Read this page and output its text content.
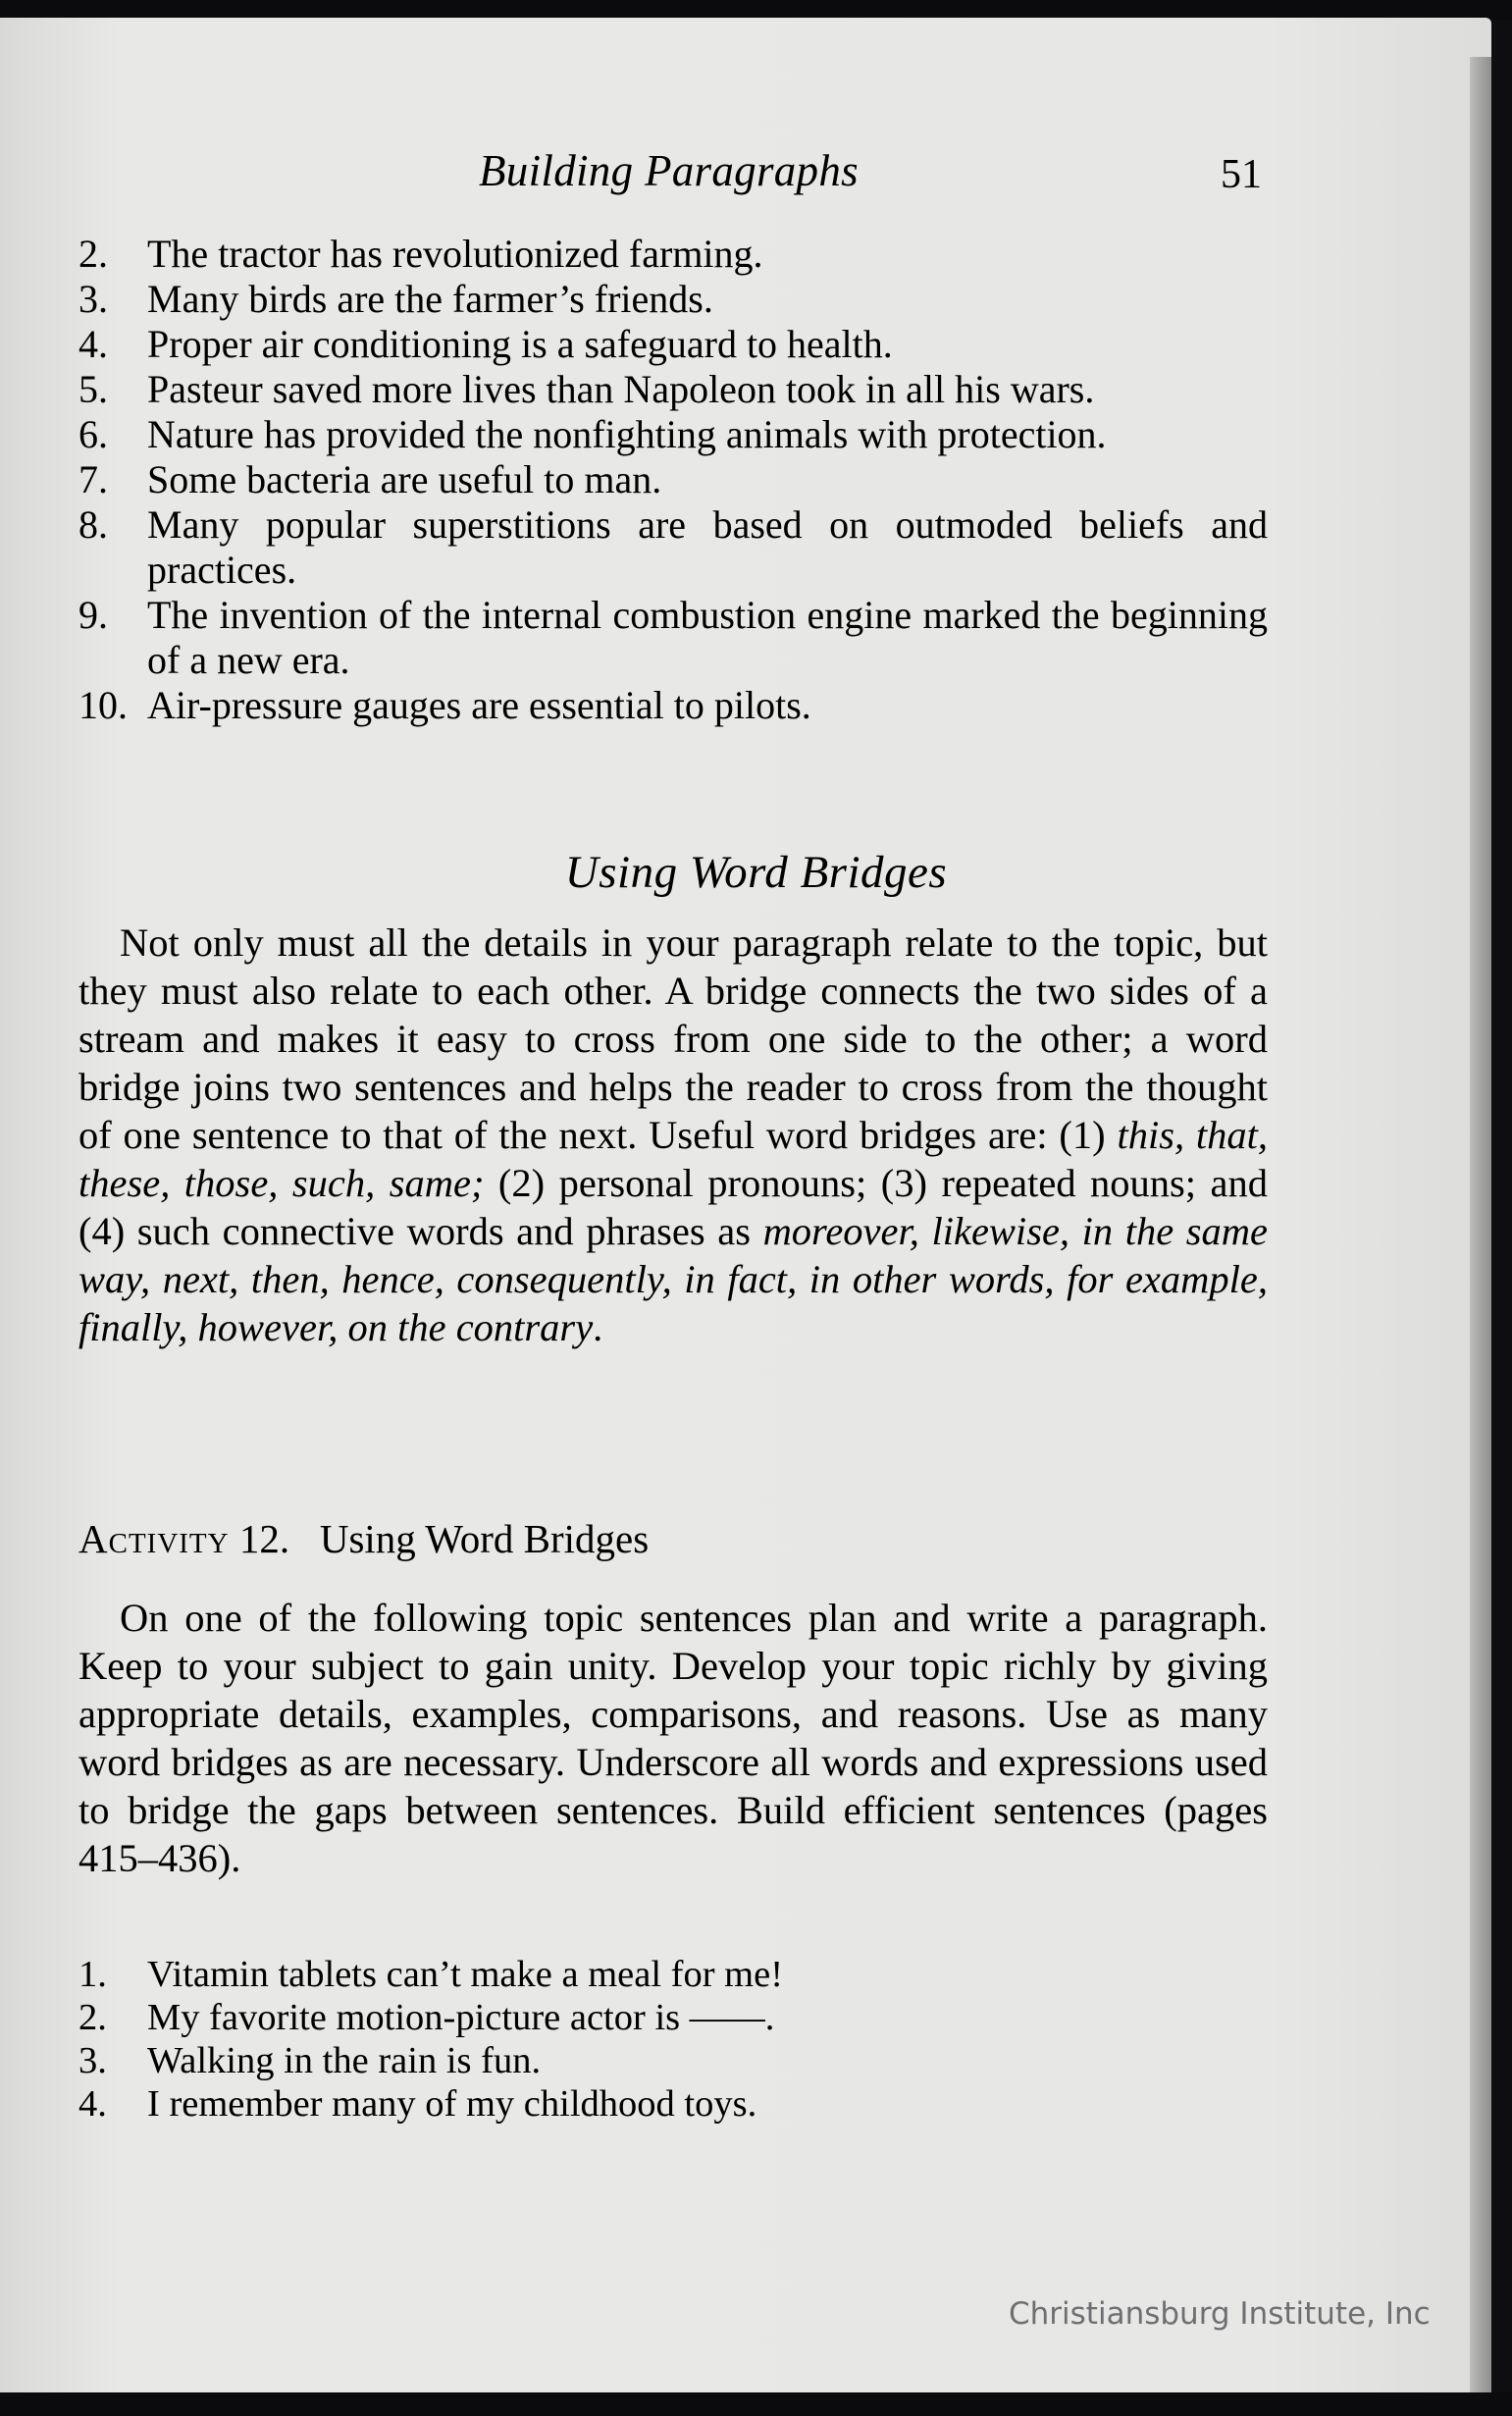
Building Paragraphs	51
2.	The tractor has revolutionized farming.
3.	Many birds are the farmer’s friends.
4.	Proper air conditioning is a safeguard to health.
5.	Pasteur saved more lives than Napoleon took in all his wars.
6.	Nature has provided the nonfighting animals with protection.
7.	Some bacteria are useful to man.
8.	Many popular superstitions are based on outmoded beliefs and practices.
9.	The invention of the internal combustion engine marked the beginning of a new era.
10. Air-pressure gauges are essential to pilots.
Using Word Bridges

Not only must all the details in your paragraph relate to the topic, but they must also relate to each other. A bridge connects the two sides of a stream and makes it easy to cross from one side to the other; a word bridge joins two sentences and helps the reader to cross from the thought of one sentence to that of the next. Useful word bridges are: (1) this, that, these, those, such, same; (2) personal pronouns; (3) repeated nouns; and (4) such connective words and phrases as moreover, likewise, in the same way, next, then, hence, consequently, in fact, in other words, for example, finally, however, on the contrary.

Activity 12. Using Word Bridges

On one of the following topic sentences plan and write a paragraph. Keep to your subject to gain unity. Develop your topic richly by giving appropriate details, examples, comparisons, and reasons. Use as many word bridges as are necessary. Underscore all words and expressions used to bridge the gaps between sentences. Build efficient sentences (pages 415–436).

1.	Vitamin tablets can’t make a meal for me!
2.	My favorite motion-picture actor is ——.
3.	Walking in the rain is fun.
4.	I remember many of my childhood toys.
Christiansburg Institute, Inc
